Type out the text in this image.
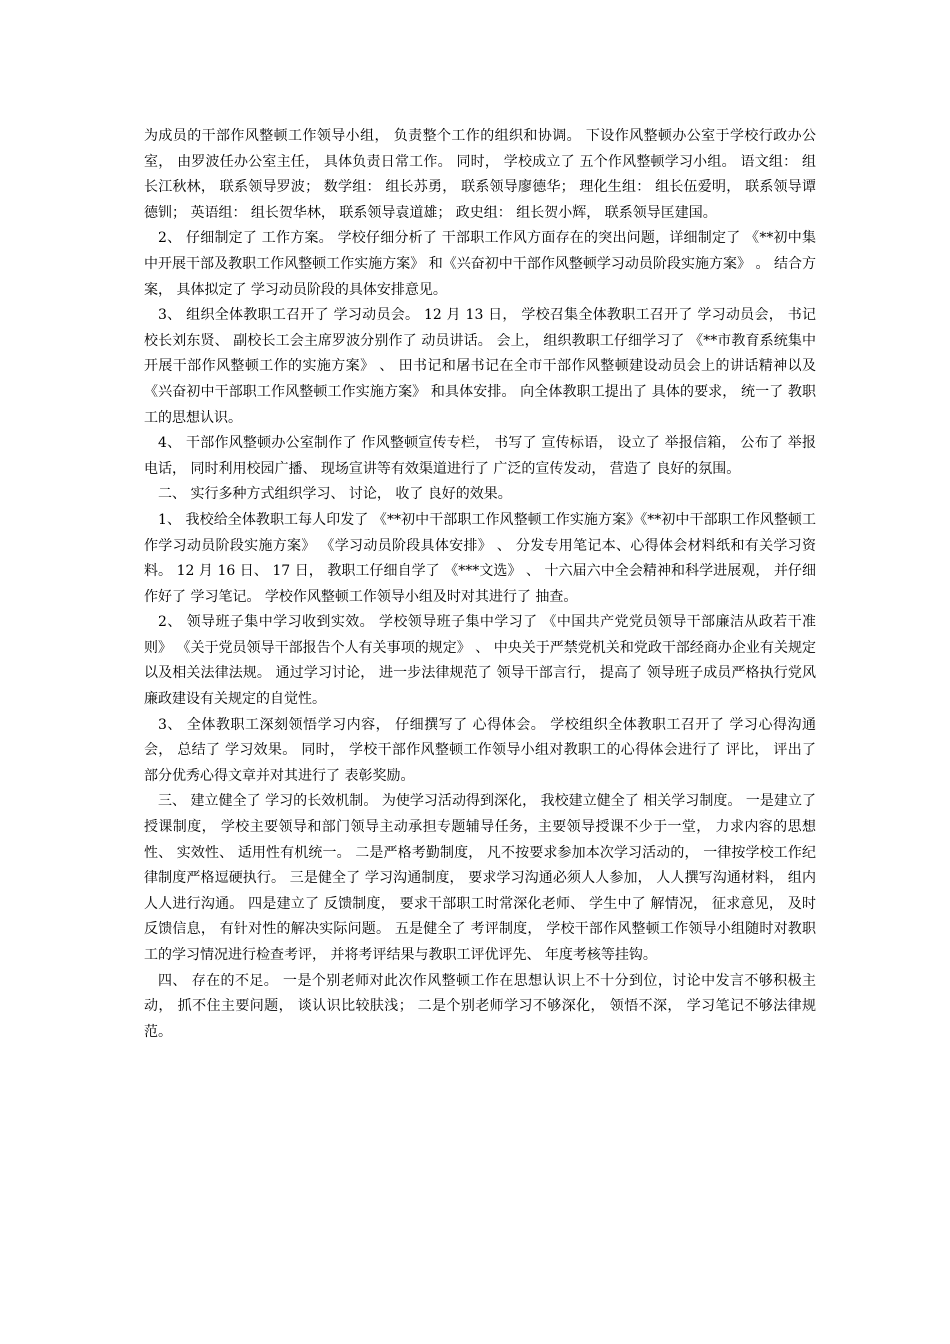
为成员的干部作风整顿工作领导小组， 负责整个工作的组织和协调。 下设作风整顿办公室于学校行政办公室， 由罗波任办公室主任， 具体负责日常工作。 同时， 学校成立了 五个作风整顿学习小组。 语文组： 组长江秋林， 联系领导罗波； 数学组： 组长苏勇， 联系领导廖德华； 理化生组： 组长伍爱明， 联系领导谭德钏； 英语组： 组长贺华林， 联系领导袁道雄； 政史组： 组长贺小辉， 联系领导匡建国。

2、 仔细制定了 工作方案。 学校仔细分析了 干部职工作风方面存在的突出问题，详细制定了 《**初中集中开展干部及教职工作风整顿工作实施方案》 和《兴奋初中干部作风整顿学习动员阶段实施方案》 。 结合方案， 具体拟定了 学习动员阶段的具体安排意见。

3、 组织全体教职工召开了 学习动员会。 12 月 13 日， 学校召集全体教职工召开了 学习动员会， 书记校长刘东贤、 副校长工会主席罗波分别作了 动员讲话。 会上， 组织教职工仔细学习了 《**市教育系统集中开展干部作风整顿工作的实施方案》 、 田书记和屠书记在全市干部作风整顿建设动员会上的讲话精神以及《兴奋初中干部职工作风整顿工作实施方案》 和具体安排。 向全体教职工提出了 具体的要求， 统一了 教职工的思想认识。

4、 干部作风整顿办公室制作了 作风整顿宣传专栏， 书写了 宣传标语， 设立了 举报信箱， 公布了 举报电话， 同时利用校园广播、 现场宣讲等有效渠道进行了 广泛的宣传发动， 营造了 良好的氛围。

二、 实行多种方式组织学习、 讨论， 收了 良好的效果。

1、 我校给全体教职工每人印发了 《**初中干部职工作风整顿工作实施方案》《**初中干部职工作风整顿工作学习动员阶段实施方案》 《学习动员阶段具体安排》 、 分发专用笔记本、心得体会材料纸和有关学习资料。 12 月 16 日、 17 日， 教职工仔细自学了 《***文选》 、 十六届六中全会精神和科学进展观， 并仔细作好了 学习笔记。 学校作风整顿工作领导小组及时对其进行了 抽查。

2、 领导班子集中学习收到实效。 学校领导班子集中学习了 《中国共产党党员领导干部廉洁从政若干准则》 《关于党员领导干部报告个人有关事项的规定》 、 中央关于严禁党机关和党政干部经商办企业有关规定以及相关法律法规。 通过学习讨论， 进一步法律规范了 领导干部言行， 提高了 领导班子成员严格执行党风廉政建设有关规定的自觉性。

3、 全体教职工深刻领悟学习内容， 仔细撰写了 心得体会。 学校组织全体教职工召开了 学习心得沟通会， 总结了 学习效果。 同时， 学校干部作风整顿工作领导小组对教职工的心得体会进行了 评比， 评出了 部分优秀心得文章并对其进行了 表彰奖励。

三、 建立健全了 学习的长效机制。 为使学习活动得到深化， 我校建立健全了 相关学习制度。 一是建立了 授课制度， 学校主要领导和部门领导主动承担专题辅导任务，主要领导授课不少于一堂， 力求内容的思想性、 实效性、 适用性有机统一。 二是严格考勤制度， 凡不按要求参加本次学习活动的， 一律按学校工作纪律制度严格逗硬执行。 三是健全了 学习沟通制度， 要求学习沟通必须人人参加， 人人撰写沟通材料， 组内人人进行沟通。 四是建立了 反馈制度， 要求干部职工时常深化老师、 学生中了 解情况， 征求意见， 及时反馈信息， 有针对性的解决实际问题。 五是健全了 考评制度， 学校干部作风整顿工作领导小组随时对教职工的学习情况进行检查考评， 并将考评结果与教职工评优评先、 年度考核等挂钩。

四、 存在的不足。 一是个别老师对此次作风整顿工作在思想认识上不十分到位，讨论中发言不够积极主动， 抓不住主要问题， 谈认识比较肤浅； 二是个别老师学习不够深化， 领悟不深， 学习笔记不够法律规范。
